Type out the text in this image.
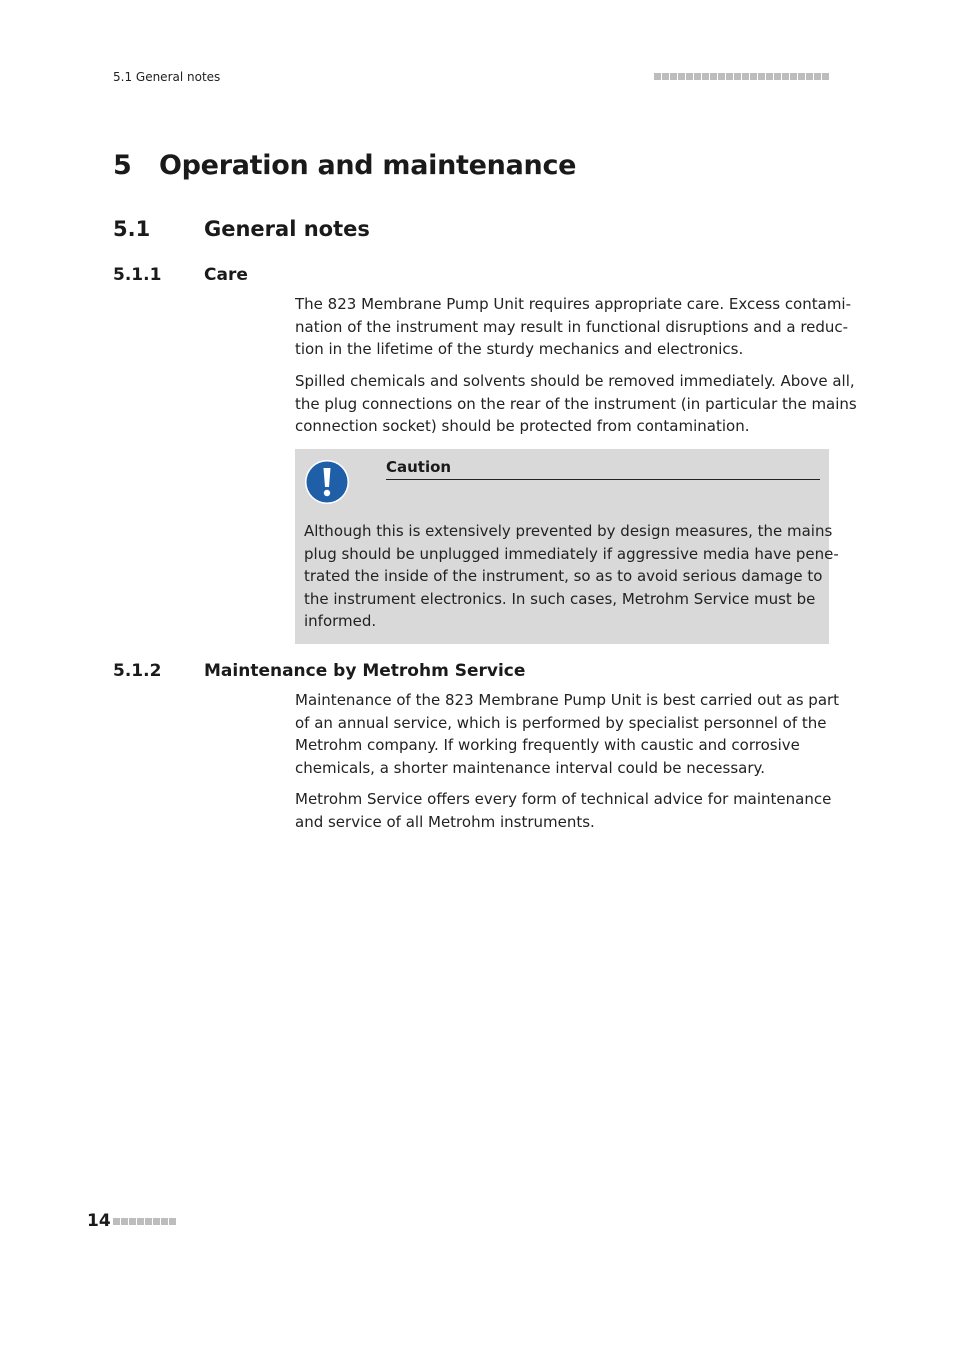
5.1 General notes
5 Operation and maintenance
5.1	General notes
5.1.1	Care

The 823 Membrane Pump Unit requires appropriate care. Excess contami-
nation of the instrument may result in functional disruptions and a reduc-
tion in the lifetime of the sturdy mechanics and electronics.

Spilled chemicals and solvents should be removed immediately. Above all,
the plug connections on the rear of the instrument (in particular the mains
connection socket) should be protected from contamination.

Caution

Although this is extensively prevented by design measures, the mains
plug should be unplugged immediately if aggressive media have pene-
trated the inside of the instrument, so as to avoid serious damage to
the instrument electronics. In such cases, Metrohm Service must be
informed.

5.1.2	Maintenance by Metrohm Service

Maintenance of the 823 Membrane Pump Unit is best carried out as part
of an annual service, which is performed by specialist personnel of the
Metrohm company. If working frequently with caustic and corrosive
chemicals, a shorter maintenance interval could be necessary.

Metrohm Service offers every form of technical advice for maintenance
and service of all Metrohm instruments.

14
